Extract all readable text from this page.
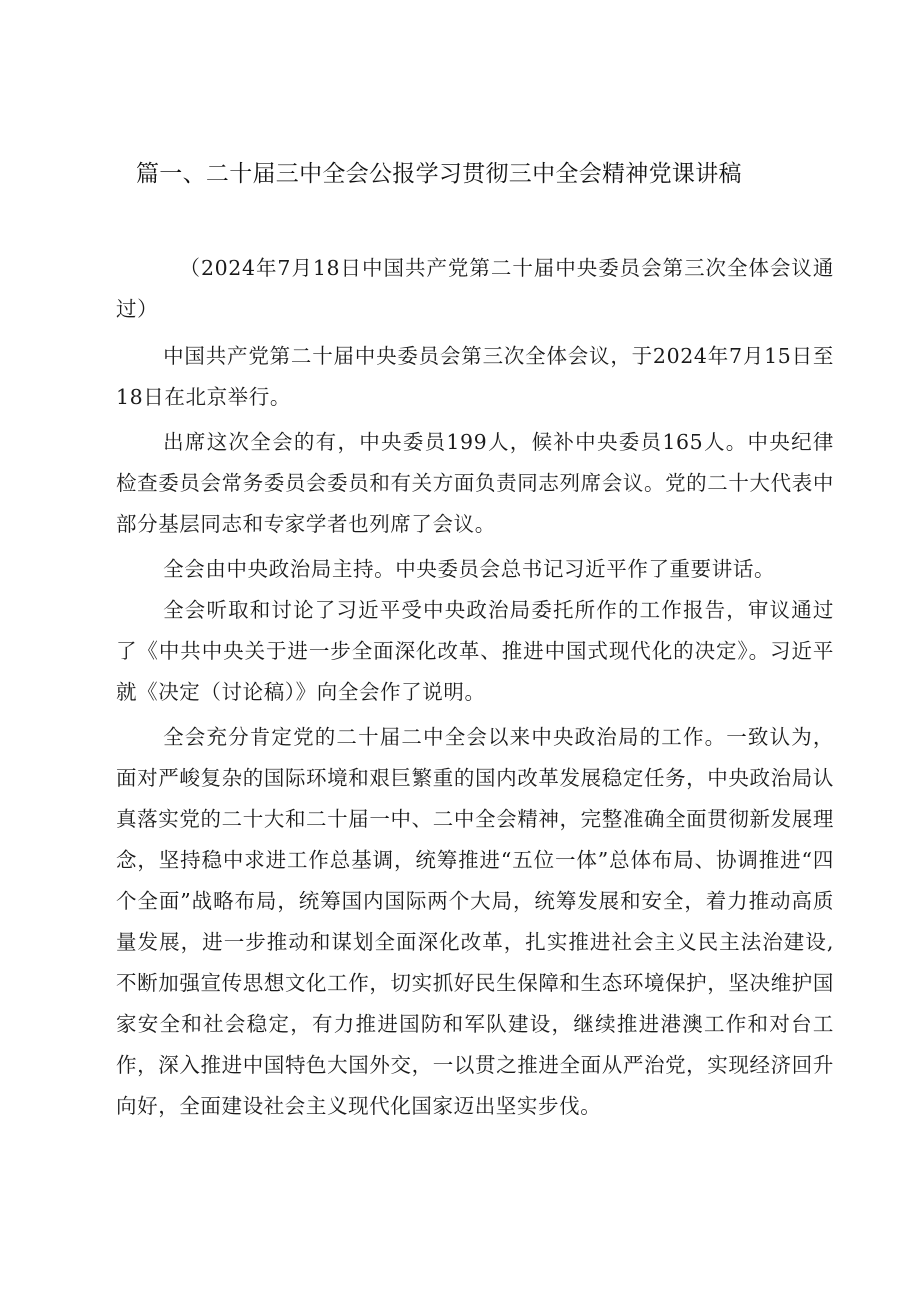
篇一、二十届三中全会公报学习贯彻三中全会精神党课讲稿

（2024年7月18日中国共产党第二十届中央委员会第三次全体会议通过）

中国共产党第二十届中央委员会第三次全体会议，于2024年7月15日至18日在北京举行。

出席这次全会的有，中央委员199人，候补中央委员165人。中央纪律检查委员会常务委员会委员和有关方面负责同志列席会议。党的二十大代表中部分基层同志和专家学者也列席了会议。

全会由中央政治局主持。中央委员会总书记习近平作了重要讲话。

全会听取和讨论了习近平受中央政治局委托所作的工作报告，审议通过了《中共中央关于进一步全面深化改革、推进中国式现代化的决定》。习近平就《决定（讨论稿）》向全会作了说明。

全会充分肯定党的二十届二中全会以来中央政治局的工作。一致认为，面对严峻复杂的国际环境和艰巨繁重的国内改革发展稳定任务，中央政治局认真落实党的二十大和二十届一中、二中全会精神，完整准确全面贯彻新发展理念，坚持稳中求进工作总基调，统筹推进“五位一体”总体布局、协调推进“四个全面”战略布局，统筹国内国际两个大局，统筹发展和安全，着力推动高质量发展，进一步推动和谋划全面深化改革，扎实推进社会主义民主法治建设,不断加强宣传思想文化工作，切实抓好民生保障和生态环境保护，坚决维护国家安全和社会稳定，有力推进国防和军队建设，继续推进港澳工作和对台工作，深入推进中国特色大国外交，一以贯之推进全面从严治党，实现经济回升向好，全面建设社会主义现代化国家迈出坚实步伐。
